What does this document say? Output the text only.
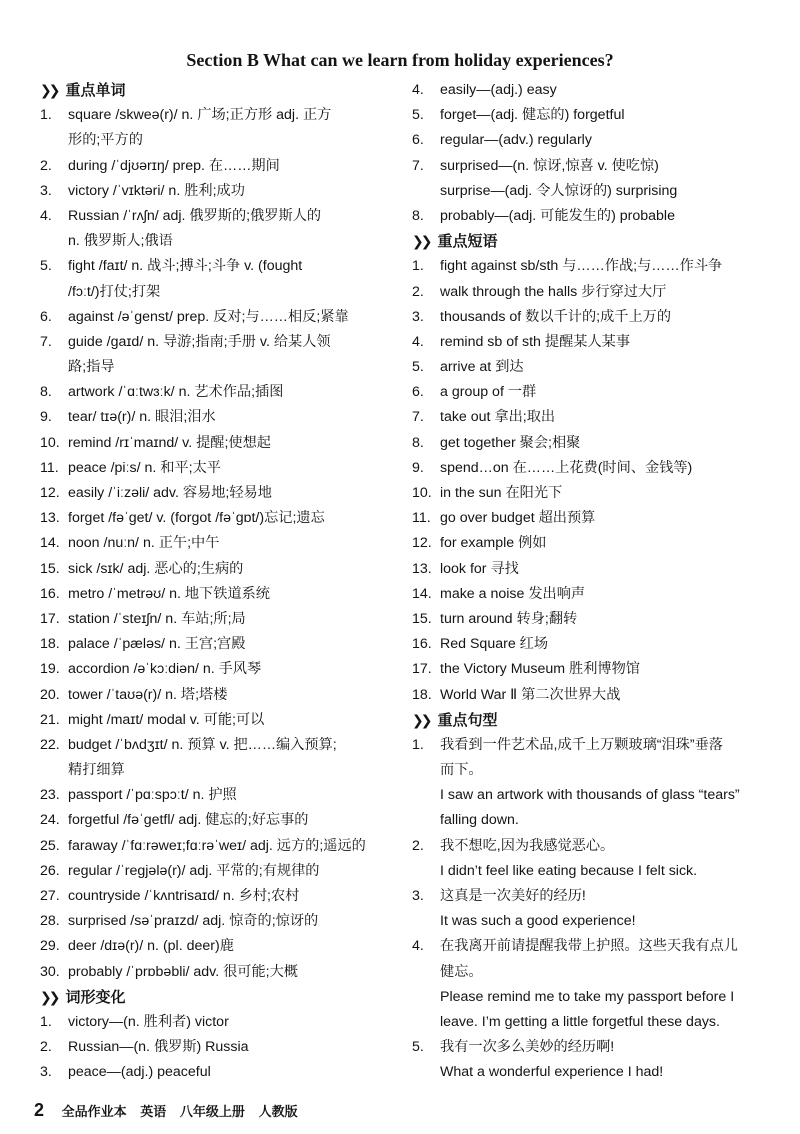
Section B What can we learn from holiday experiences?
❯❯ 重点单词
1. square /skweə(r)/ n. 广场;正方形 adj. 正方
形的;平方的
2. during /ˈdjʊərɪŋ/ prep. 在……期间
3. victory /ˈvɪktəri/ n. 胜利;成功
4. Russian /ˈrʌʃn/ adj. 俄罗斯的;俄罗斯人的
n. 俄罗斯人;俄语
5. fight /faɪt/ n. 战斗;搏斗;斗争 v. (fought
/fɔːt/)打仗;打架
6. against /əˈgenst/ prep. 反对;与……相反;紧靠
7. guide /gaɪd/ n. 导游;指南;手册 v. 给某人领
路;指导
8. artwork /ˈɑːtwɜːk/ n. 艺术作品;插图
9. tear/ tɪə(r)/ n. 眼泪;泪水
10. remind /rɪˈmaɪnd/ v. 提醒;使想起
11. peace /piːs/ n. 和平;太平
12. easily /ˈiːzəli/ adv. 容易地;轻易地
13. forget /fəˈget/ v. (forgot /fəˈgɒt/)忘记;遗忘
14. noon /nuːn/ n. 正午;中午
15. sick /sɪk/ adj. 恶心的;生病的
16. metro /ˈmetrəʊ/ n. 地下铁道系统
17. station /ˈsteɪʃn/ n. 车站;所;局
18. palace /ˈpæləs/ n. 王宫;宫殿
19. accordion /əˈkɔːdiən/ n. 手风琴
20. tower /ˈtaʊə(r)/ n. 塔;塔楼
21. might /maɪt/ modal v. 可能;可以
22. budget /ˈbʌdʒɪt/ n. 预算 v. 把……编入预算;
精打细算
23. passport /ˈpɑːspɔːt/ n. 护照
24. forgetful /fəˈgetfl/ adj. 健忘的;好忘事的
25. faraway /ˈfɑːrəweɪ;fɑːrəˈweɪ/ adj. 远方的;遥远的
26. regular /ˈregjələ(r)/ adj. 平常的;有规律的
27. countryside /ˈkʌntrisaɪd/ n. 乡村;农村
28. surprised /səˈpraɪzd/ adj. 惊奇的;惊讶的
29. deer /dɪə(r)/ n. (pl. deer)鹿
30. probably /ˈprɒbəbli/ adv. 很可能;大概
❯❯ 词形变化
1. victory—(n. 胜利者) victor
2. Russian—(n. 俄罗斯) Russia
3. peace—(adj.) peaceful
4. easily—(adj.) easy
5. forget—(adj. 健忘的) forgetful
6. regular—(adv.) regularly
7. surprised—(n. 惊讶,惊喜 v. 使吃惊)
surprise—(adj. 令人惊讶的) surprising
8. probably—(adj. 可能发生的) probable
❯❯ 重点短语
1. fight against sb/sth 与……作战;与……作斗争
2. walk through the halls 步行穿过大厅
3. thousands of 数以千计的;成千上万的
4. remind sb of sth 提醒某人某事
5. arrive at 到达
6. a group of 一群
7. take out 拿出;取出
8. get together 聚会;相聚
9. spend…on 在……上花费(时间、金钱等)
10. in the sun 在阳光下
11. go over budget 超出预算
12. for example 例如
13. look for 寻找
14. make a noise 发出响声
15. turn around 转身;翻转
16. Red Square 红场
17. the Victory Museum 胜利博物馆
18. World War Ⅱ 第二次世界大战
❯❯ 重点句型
1. 我看到一件艺术品,成千上万颗玻璃“泪珠”垂落
而下。
I saw an artwork with thousands of glass “tears”
falling down.
2. 我不想吃,因为我感觉恶心。
I didn’t feel like eating because I felt sick.
3. 这真是一次美好的经历!
It was such a good experience!
4. 在我离开前请提醒我带上护照。这些天我有点儿
健忘。
Please remind me to take my passport before I
leave. I’m getting a little forgetful these days.
5. 我有一次多么美妙的经历啊!
What a wonderful experience I had!
2 全品作业本 英语 八年级上册 人教版
